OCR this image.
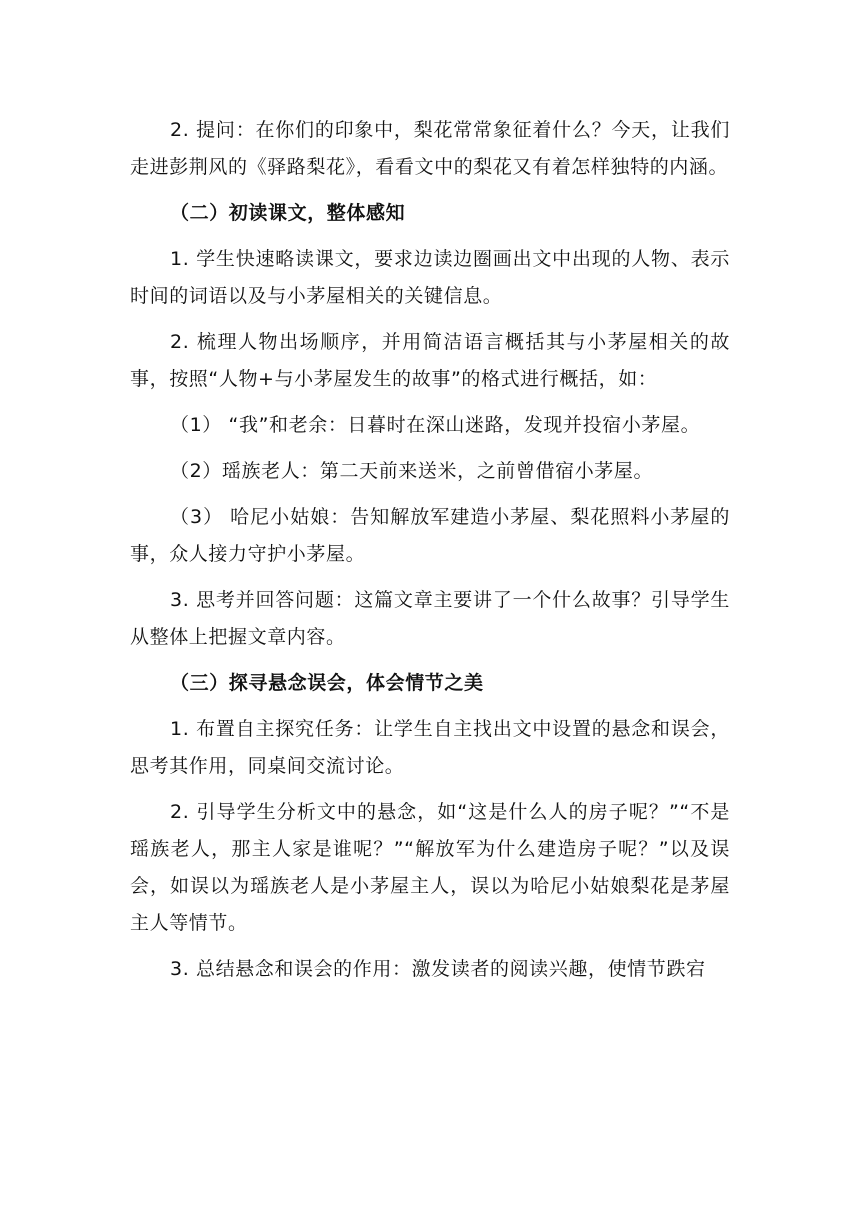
2. 提问：在你们的印象中，梨花常常象征着什么？今天，让我们走进彭荆风的《驿路梨花》，看看文中的梨花又有着怎样独特的内涵。

（二）初读课文，整体感知

1. 学生快速略读课文，要求边读边圈画出文中出现的人物、表示时间的词语以及与小茅屋相关的关键信息。

2. 梳理人物出场顺序，并用简洁语言概括其与小茅屋相关的故事，按照“人物+与小茅屋发生的故事”的格式进行概括，如：

（1） “我”和老余：日暮时在深山迷路，发现并投宿小茅屋。

（2）瑶族老人：第二天前来送米，之前曾借宿小茅屋。

（3） 哈尼小姑娘：告知解放军建造小茅屋、梨花照料小茅屋的事，众人接力守护小茅屋。

3. 思考并回答问题：这篇文章主要讲了一个什么故事？引导学生从整体上把握文章内容。

（三）探寻悬念误会，体会情节之美

1. 布置自主探究任务：让学生自主找出文中设置的悬念和误会，思考其作用，同桌间交流讨论。

2. 引导学生分析文中的悬念，如“这是什么人的房子呢？”“不是瑶族老人，那主人家是谁呢？”“解放军为什么建造房子呢？”以及误会，如误以为瑶族老人是小茅屋主人，误以为哈尼小姑娘梨花是茅屋主人等情节。

3. 总结悬念和误会的作用：激发读者的阅读兴趣，使情节跌宕
